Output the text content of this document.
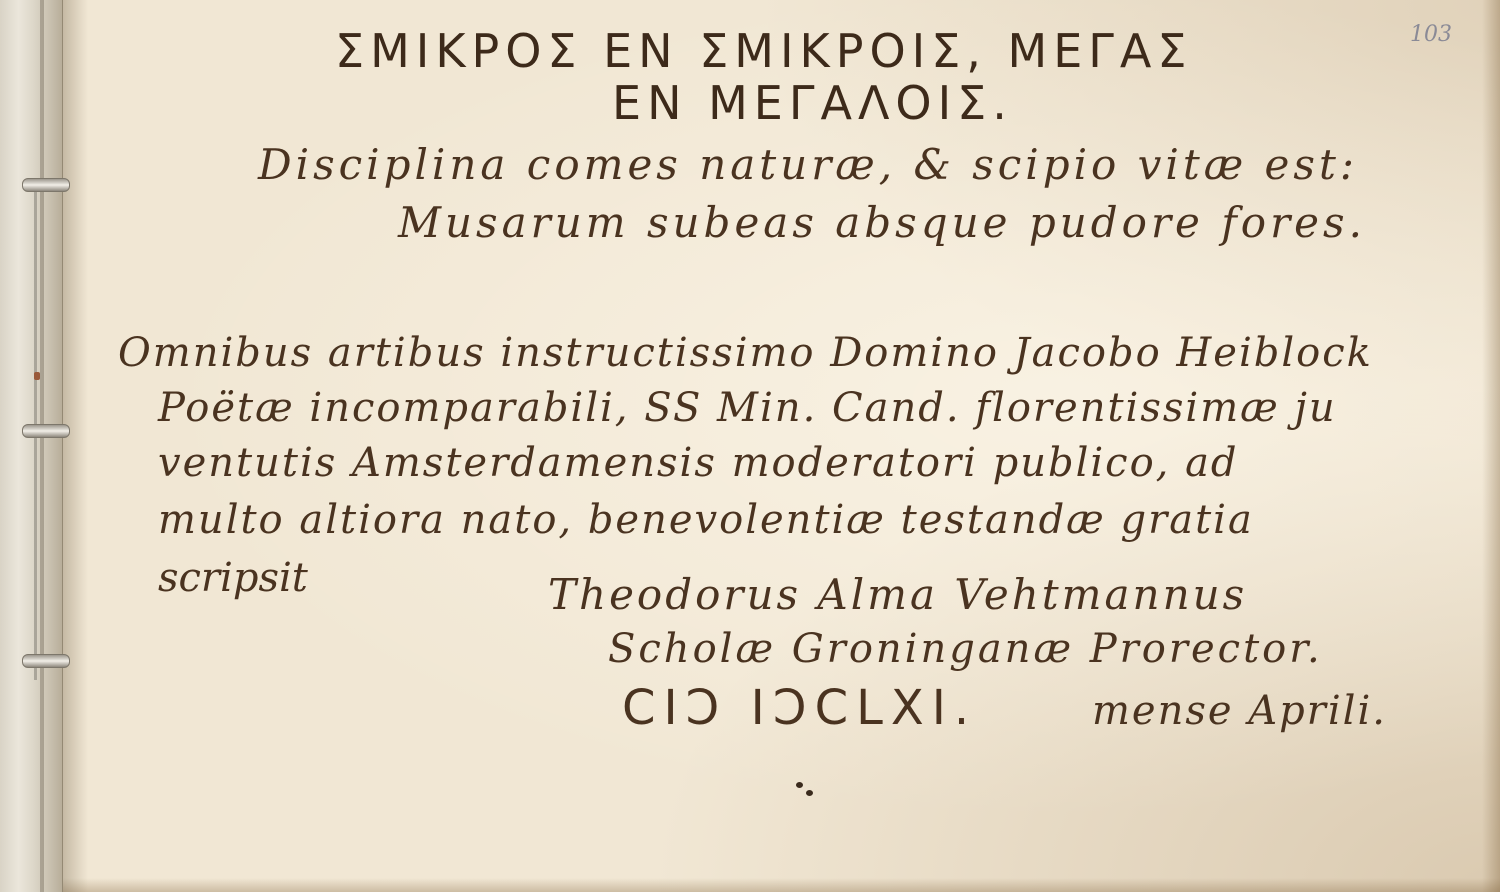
103

ΣΜΙΚΡΟΣ ΕΝ ΣΜΙΚΡΟΙΣ, ΜΕΓΑΣ

ΕΝ ΜΕΓΑΛΟΙΣ.

Disciplina comes naturæ, & scipio vitæ est:

Musarum subeas absque pudore fores.

Omnibus artibus instructissimo Domino Jacobo Heiblock

Poëtæ incomparabili, SS Min. Cand. florentissimæ ju

ventutis Amsterdamensis moderatori publico, ad

multo altiora nato, benevolentiæ testandæ gratia

scripsit	Theodorus Alma Vehtmannus

Scholæ Groninganæ Prorector.

CIƆ IƆCLXI.	mense Aprili.
